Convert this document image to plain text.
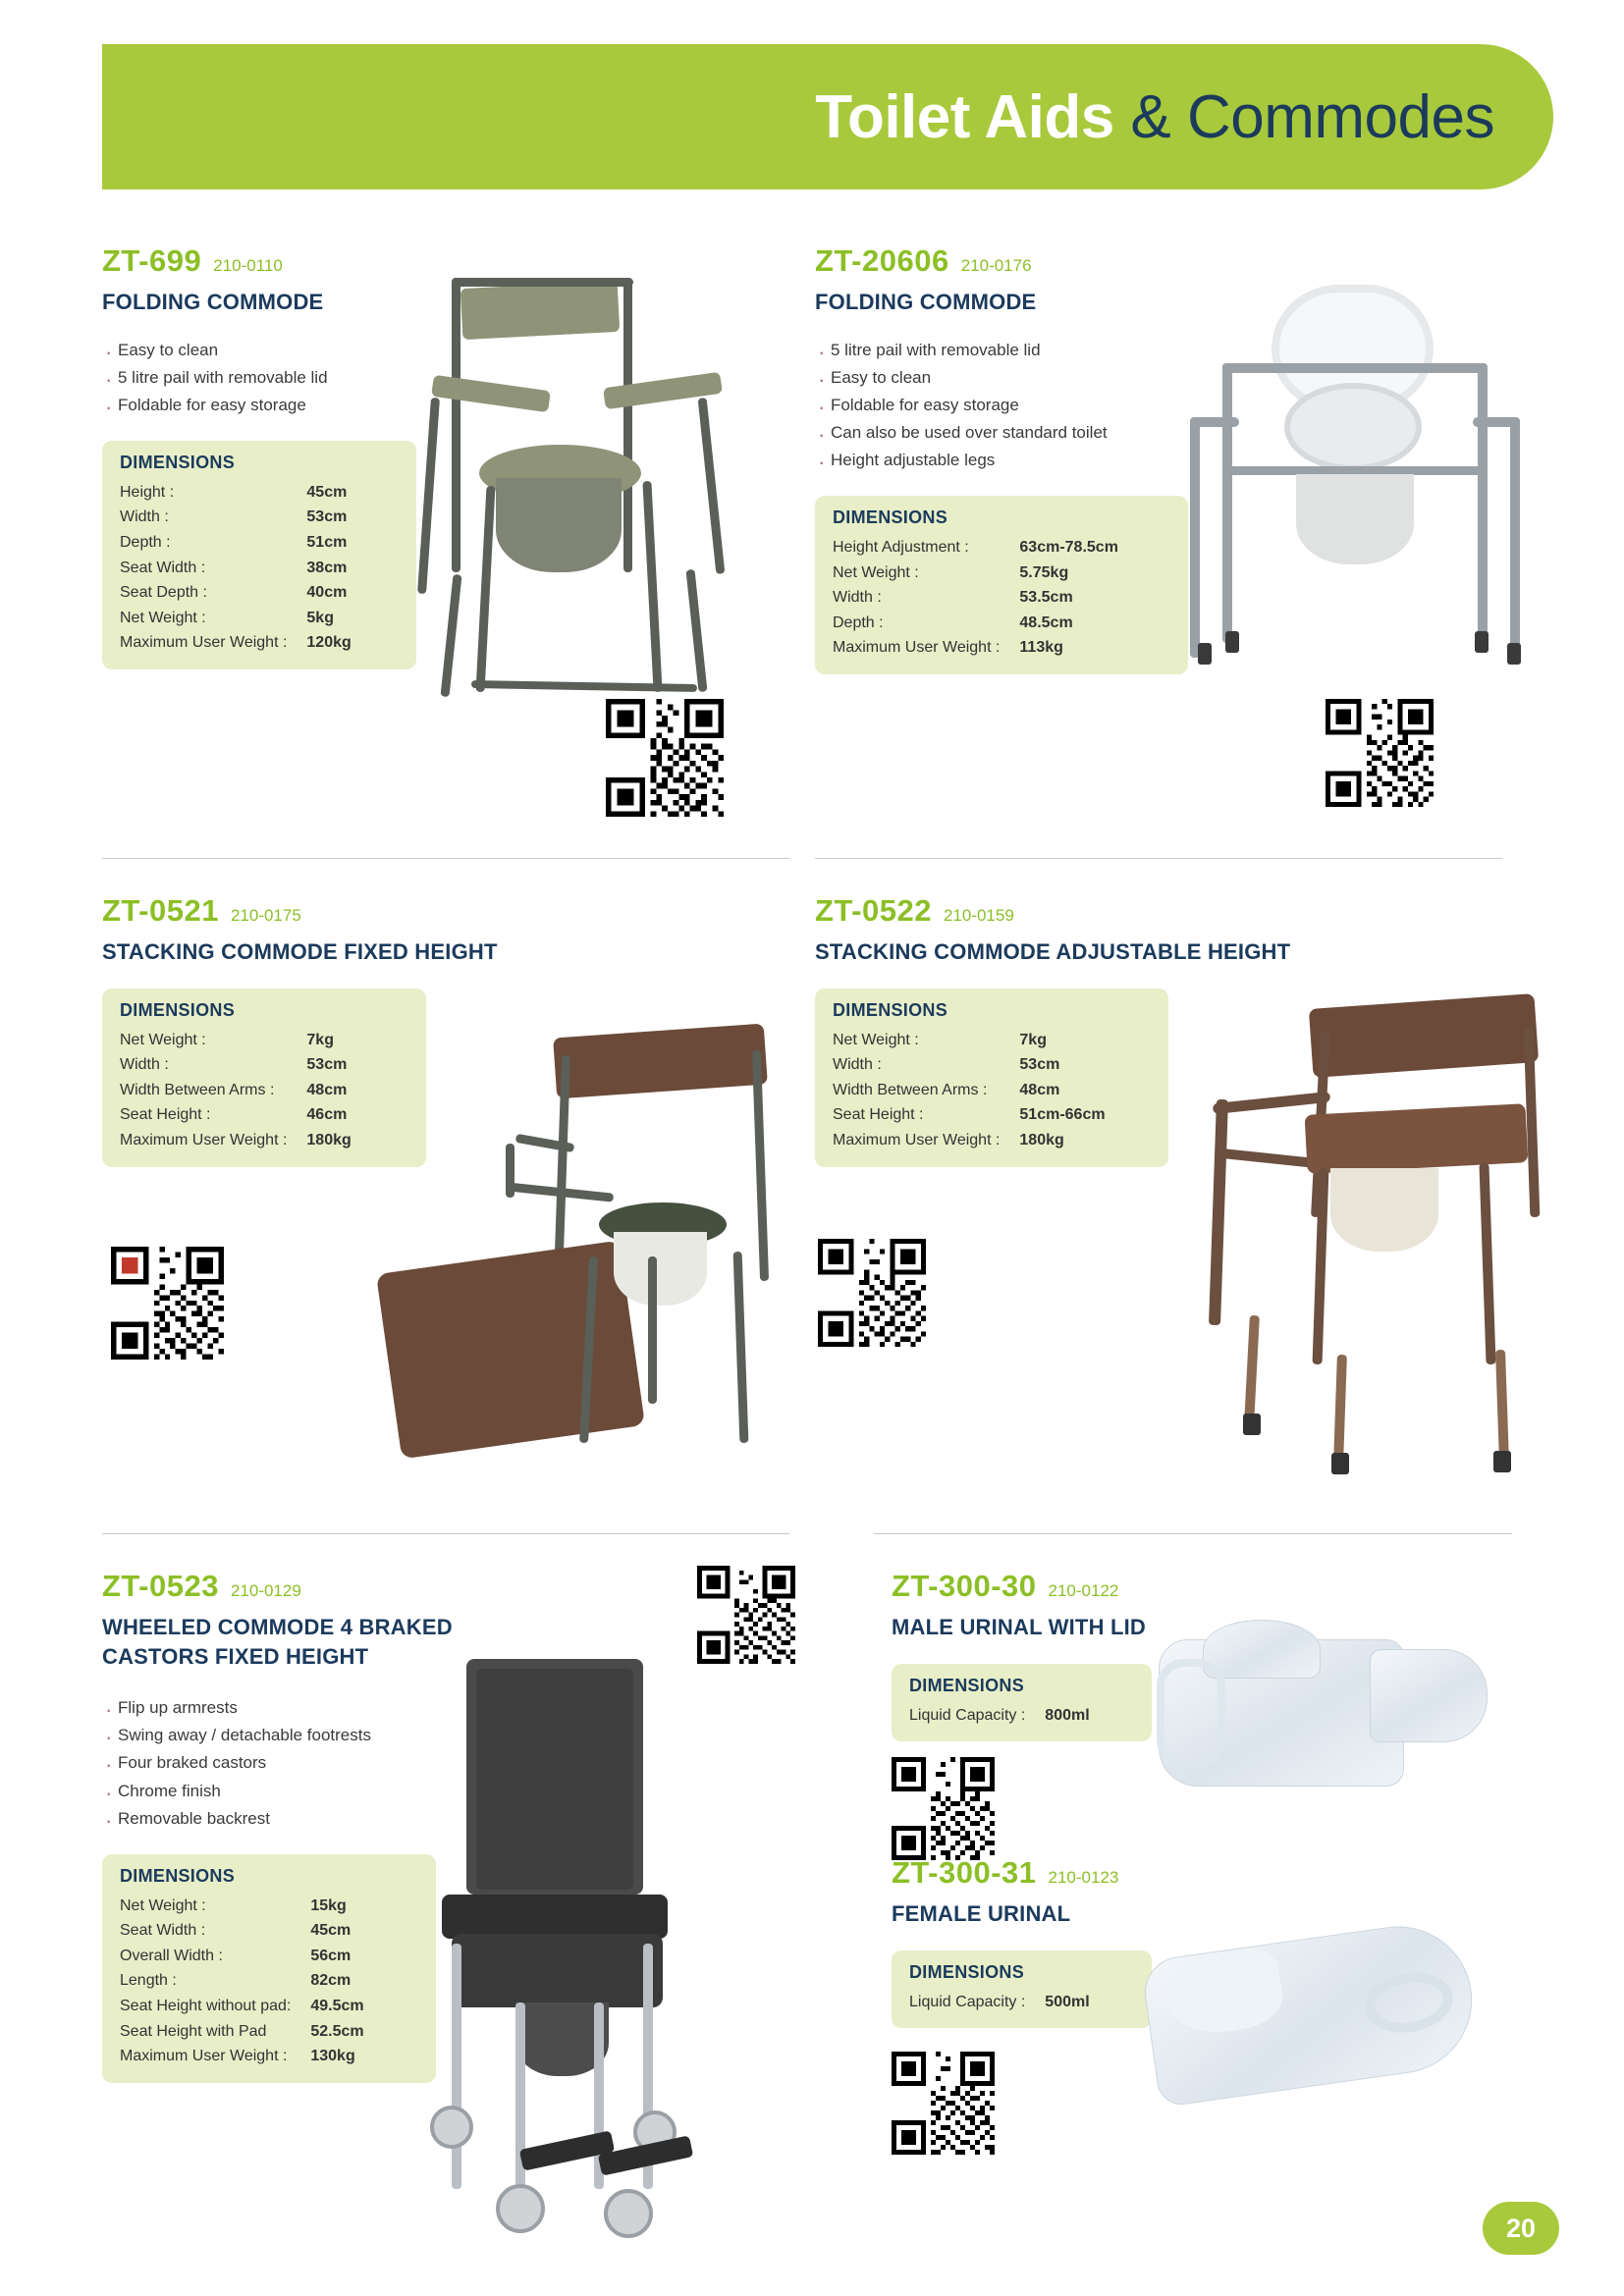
Toilet Aids & Commodes
ZT-699 210-0110
FOLDING COMMODE
· Easy to clean
· 5 litre pail with removable lid
· Foldable for easy storage
DIMENSIONS
Height :	45cm
Width :	53cm
Depth :	51cm
Seat Width :	38cm
Seat Depth :	40cm
Net Weight :	5kg
Maximum User Weight :	120kg
ZT-20606 210-0176
FOLDING COMMODE
· 5 litre pail with removable lid
· Easy to clean
· Foldable for easy storage
· Can also be used over standard toilet
· Height adjustable legs
DIMENSIONS
Height Adjustment :	63cm-78.5cm
Net Weight :	5.75kg
Width :	53.5cm
Depth :	48.5cm
Maximum User Weight :	113kg
ZT-0521 210-0175
STACKING COMMODE FIXED HEIGHT
DIMENSIONS
Net Weight :	7kg
Width :	53cm
Width Between Arms :	48cm
Seat Height :	46cm
Maximum User Weight :	180kg
ZT-0522 210-0159
STACKING COMMODE ADJUSTABLE HEIGHT
DIMENSIONS
Net Weight :	7kg
Width :	53cm
Width Between Arms :	48cm
Seat Height :	51cm-66cm
Maximum User Weight :	180kg
ZT-0523 210-0129
WHEELED COMMODE 4 BRAKED CASTORS FIXED HEIGHT
· Flip up armrests
· Swing away / detachable footrests
· Four braked castors
· Chrome finish
· Removable backrest
DIMENSIONS
Net Weight :	15kg
Seat Width :	45cm
Overall Width :	56cm
Length :	82cm
Seat Height without pad:	49.5cm
Seat Height with Pad	52.5cm
Maximum User Weight :	130kg
ZT-300-30 210-0122
MALE URINAL WITH LID
DIMENSIONS
Liquid Capacity :	800ml
ZT-300-31 210-0123
FEMALE URINAL
DIMENSIONS
Liquid Capacity :	500ml
20
